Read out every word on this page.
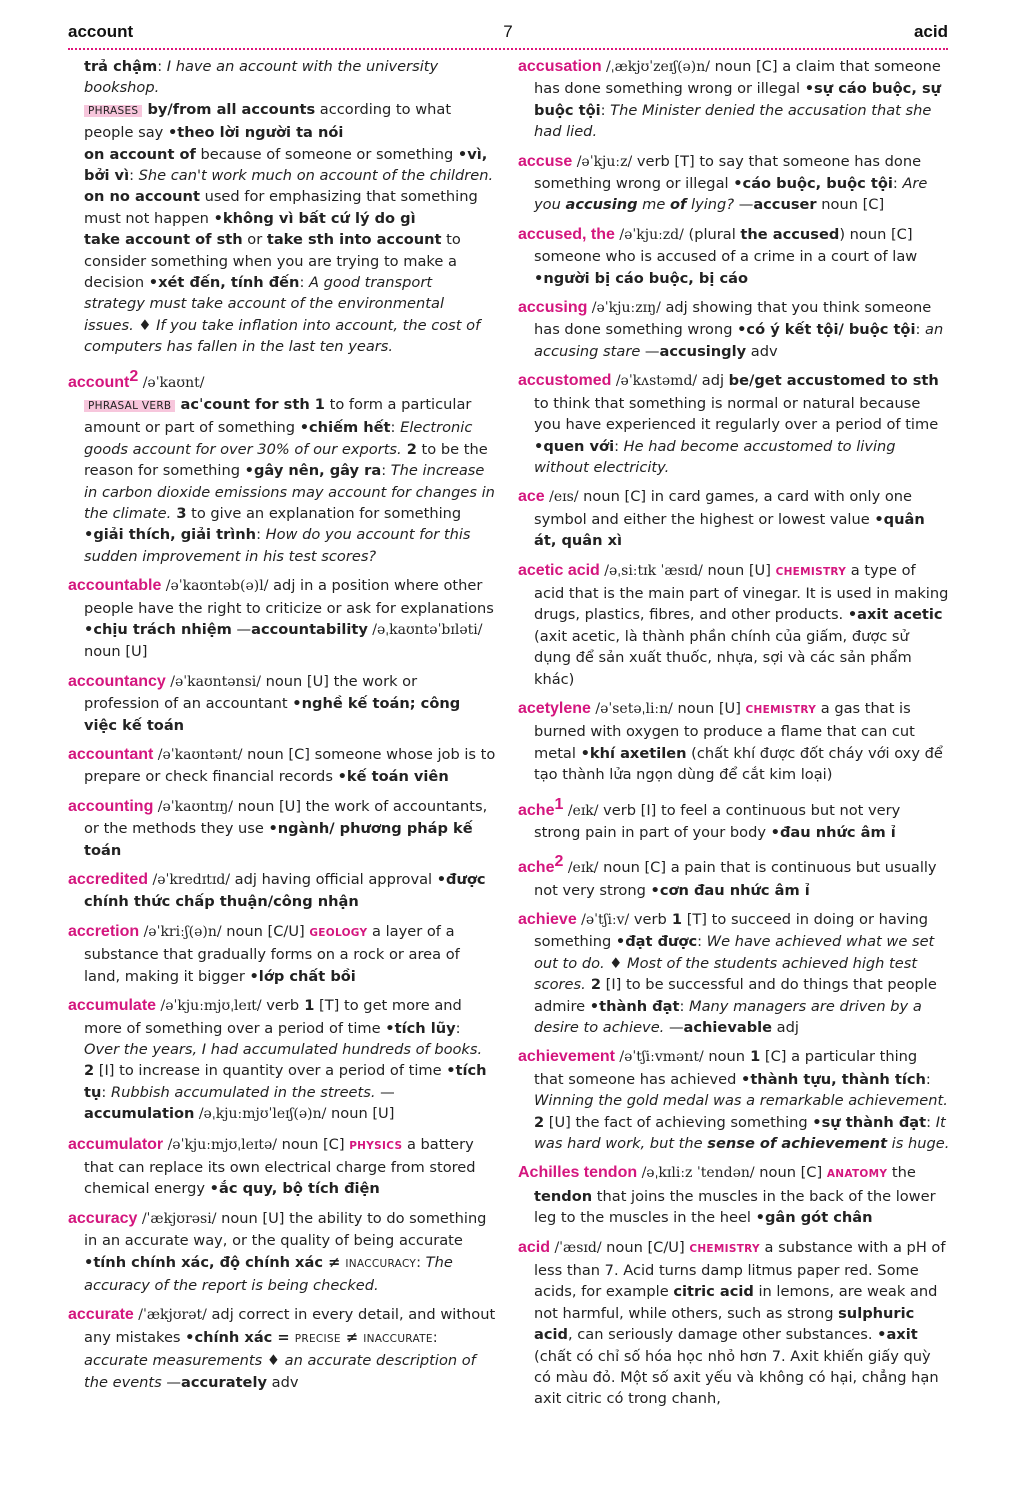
account	7	acid

trả chậm: I have an account with the university bookshop.

PHRASES by/from all accounts according to what people say •theo lời người ta nói

on account of because of someone or something •vì, bởi vì: She can't work much on account of the children.

on no account used for emphasizing that something must not happen •không vì bất cứ lý do gì

take account of sth or take sth into account to consider something when you are trying to make a decision •xét đến, tính đến: A good transport strategy must take account of the environmental issues. ♦ If you take inflation into account, the cost of computers has fallen in the last ten years.

account$^2$ /əˈkaʊnt/
PHRASAL VERB acˈcount for sth 1 to form a particular amount or part of something •chiếm hết: Electronic goods account for over 30% of our exports. 2 to be the reason for something •gây nên, gây ra: The increase in carbon dioxide emissions may account for changes in the climate. 3 to give an explanation for something •giải thích, giải trình: How do you account for this sudden improvement in his test scores?
accountable /əˈkaʊntəb(ə)l/ adj in a position where other people have the right to criticize or ask for explanations •chịu trách nhiệm —accountability /əˌkaʊntəˈbɪləti/ noun [U]
accountancy /əˈkaʊntənsi/ noun [U] the work or profession of an accountant •nghề kế toán; công việc kế toán
accountant /əˈkaʊntənt/ noun [C] someone whose job is to prepare or check financial records •kế toán viên
accounting /əˈkaʊntɪŋ/ noun [U] the work of accountants, or the methods they use •ngành/ phương pháp kế toán
accredited /əˈkredɪtɪd/ adj having official approval •được chính thức chấp thuận/công nhận
accretion /əˈkriːʃ(ə)n/ noun [C/U] GEOLOGY a layer of a substance that gradually forms on a rock or area of land, making it bigger •lớp chất bồi
accumulate /əˈkjuːmjʊˌleɪt/ verb 1 [T] to get more and more of something over a period of time •tích lũy: Over the years, I had accumulated hundreds of books. 2 [I] to increase in quantity over a period of time •tích tụ: Rubbish accumulated in the streets. —accumulation /əˌkjuːmjʊˈleɪʃ(ə)n/ noun [U]
accumulator /əˈkjuːmjʊˌleɪtə/ noun [C] PHYSICS a battery that can replace its own electrical charge from stored chemical energy •ắc quy, bộ tích điện
accuracy /ˈækjʊrəsi/ noun [U] the ability to do something in an accurate way, or the quality of being accurate •tính chính xác, độ chính xác ≠ INACCURACY: The accuracy of the report is being checked.
accurate /ˈækjʊrət/ adj correct in every detail, and without any mistakes •chính xác = PRECISE ≠ INACCURATE: accurate measurements ♦ an accurate description of the events —accurately adv
accusation /ˌækjʊˈzeɪʃ(ə)n/ noun [C] a claim that someone has done something wrong or illegal •sự cáo buộc, sự buộc tội: The Minister denied the accusation that she had lied.
accuse /əˈkjuːz/ verb [T] to say that someone has done something wrong or illegal •cáo buộc, buộc tội: Are you accusing me of lying? —accuser noun [C]
accused, the /əˈkjuːzd/ (plural the accused) noun [C] someone who is accused of a crime in a court of law •người bị cáo buộc, bị cáo
accusing /əˈkjuːzɪŋ/ adj showing that you think someone has done something wrong •có ý kết tội/ buộc tội: an accusing stare —accusingly adv
accustomed /əˈkʌstəmd/ adj be/get accustomed to sth to think that something is normal or natural because you have experienced it regularly over a period of time •quen với: He had become accustomed to living without electricity.
ace /eɪs/ noun [C] in card games, a card with only one symbol and either the highest or lowest value •quân át, quân xì
acetic acid /əˌsiːtɪk ˈæsɪd/ noun [U] CHEMISTRY a type of acid that is the main part of vinegar. It is used in making drugs, plastics, fibres, and other products. •axit acetic (axit acetic, là thành phần chính của giấm, được sử dụng để sản xuất thuốc, nhựa, sợi và các sản phẩm khác)
acetylene /əˈsetəˌliːn/ noun [U] CHEMISTRY a gas that is burned with oxygen to produce a flame that can cut metal •khí axetilen (chất khí được đốt cháy với oxy để tạo thành lửa ngọn dùng để cắt kim loại)
ache$^1$ /eɪk/ verb [I] to feel a continuous but not very strong pain in part of your body •đau nhức âm ỉ
ache$^2$ /eɪk/ noun [C] a pain that is continuous but usually not very strong •cơn đau nhức âm ỉ
achieve /əˈtʃiːv/ verb 1 [T] to succeed in doing or having something •đạt được: We have achieved what we set out to do. ♦ Most of the students achieved high test scores. 2 [I] to be successful and do things that people admire •thành đạt: Many managers are driven by a desire to achieve. —achievable adj
achievement /əˈtʃiːvmənt/ noun 1 [C] a particular thing that someone has achieved •thành tựu, thành tích: Winning the gold medal was a remarkable achievement. 2 [U] the fact of achieving something •sự thành đạt: It was hard work, but the sense of achievement is huge.
Achilles tendon /əˌkɪliːz ˈtendən/ noun [C] ANATOMY the tendon that joins the muscles in the back of the lower leg to the muscles in the heel •gân gót chân
acid /ˈæsɪd/ noun [C/U] CHEMISTRY a substance with a pH of less than 7. Acid turns damp litmus paper red. Some acids, for example citric acid in lemons, are weak and not harmful, while others, such as strong sulphuric acid, can seriously damage other substances. •axit (chất có chỉ số hóa học nhỏ hơn 7. Axit khiến giấy quỳ có màu đỏ. Một số axit yếu và không có hại, chẳng hạn axit citric có trong chanh,
